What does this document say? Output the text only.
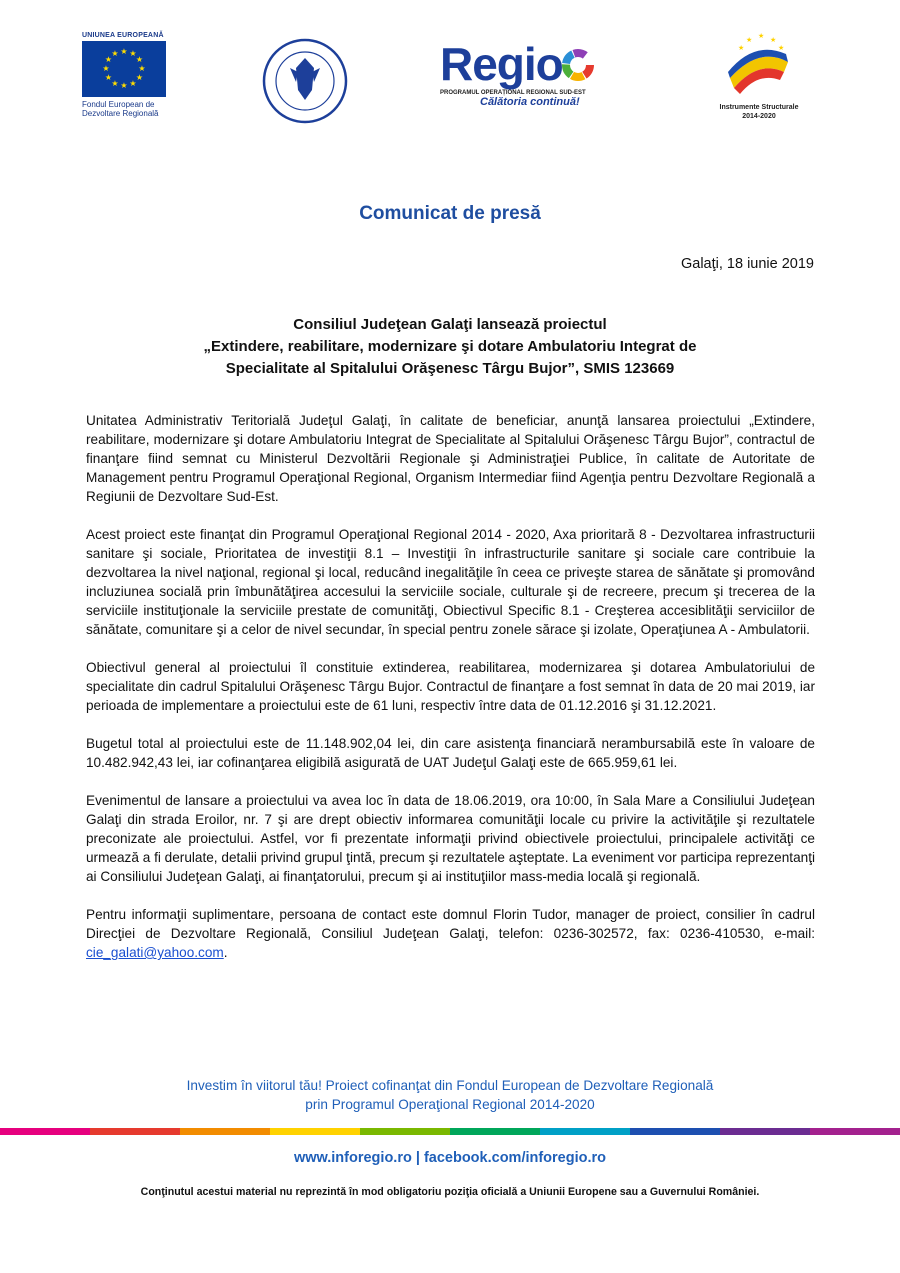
UNIUNEA EUROPEANĂ
★ ★
★
★
★
★
★
★
★
★
★
★
Fondul European de
Dezvoltare Regională
Regio
PROGRAMUL OPERAȚIONAL REGIONAL SUD-EST
Călătoria continuă!
★ ★ ★
★	★
Instrumente Structurale
2014-2020
Comunicat de presă
Galaţi, 18 iunie 2019
Consiliul Judeţean Galaţi lansează proiectul
„Extindere, reabilitare, modernizare şi dotare Ambulatoriu Integrat de
Specialitate al Spitalului Orăşenesc Târgu Bujor”, SMIS 123669

Unitatea Administrativ Teritorială Judeţul Galaţi, în calitate de beneficiar, anunţă lansarea proiectului „Extindere, reabilitare, modernizare şi dotare Ambulatoriu Integrat de Specialitate al Spitalului Orăşenesc Târgu Bujor”, contractul de finanţare fiind semnat cu Ministerul Dezvoltării Regionale şi Administraţiei Publice, în calitate de Autoritate de Management pentru Programul Operaţional Regional, Organism Intermediar fiind Agenţia pentru Dezvoltare Regională a Regiunii de Dezvoltare Sud-Est.

Acest proiect este finanţat din Programul Operaţional Regional 2014 - 2020, Axa prioritară 8 - Dezvoltarea infrastructurii sanitare şi sociale, Prioritatea de investiţii 8.1 – Investiţii în infrastructurile sanitare şi sociale care contribuie la dezvoltarea la nivel naţional, regional şi local, reducând inegalităţile în ceea ce priveşte starea de sănătate şi promovând incluziunea socială prin îmbunătăţirea accesului la serviciile sociale, culturale şi de recreere, precum şi trecerea de la serviciile instituţionale la serviciile prestate de comunităţi, Obiectivul Specific 8.1 - Creşterea accesiblităţii serviciilor de sănătate, comunitare şi a celor de nivel secundar, în special pentru zonele sărace şi izolate, Operaţiunea A - Ambulatorii.

Obiectivul general al proiectului îl constituie extinderea, reabilitarea, modernizarea şi dotarea Ambulatoriului de specialitate din cadrul Spitalului Orăşenesc Târgu Bujor. Contractul de finanţare a fost semnat în data de 20 mai 2019, iar perioada de implementare a proiectului este de 61 luni, respectiv între data de 01.12.2016 şi 31.12.2021.

Bugetul total al proiectului este de 11.148.902,04 lei, din care asistenţa financiară nerambursabilă este în valoare de 10.482.942,43 lei, iar cofinanţarea eligibilă asigurată de UAT Judeţul Galaţi este de 665.959,61 lei.

Evenimentul de lansare a proiectului va avea loc în data de 18.06.2019, ora 10:00, în Sala Mare a Consiliului Judeţean Galaţi din strada Eroilor, nr. 7 şi are drept obiectiv informarea comunităţii locale cu privire la activităţile şi rezultatele preconizate ale proiectului. Astfel, vor fi prezentate informaţii privind obiectivele proiectului, principalele activităţi ce urmează a fi derulate, detalii privind grupul ţintă, precum şi rezultatele aşteptate. La eveniment vor participa reprezentanţi ai Consiliului Judeţean Galaţi, ai finanţatorului, precum şi ai instituţiilor mass-media locală şi regională.

Pentru informaţii suplimentare, persoana de contact este domnul Florin Tudor, manager de proiect, consilier în cadrul Direcţiei de Dezvoltare Regională, Consiliul Judeţean Galaţi, telefon: 0236-302572, fax: 0236-410530, e-mail: cie_galati@yahoo.com.

Investim în viitorul tău! Proiect cofinanţat din Fondul European de Dezvoltare Regională
prin Programul Operaţional Regional 2014-2020
www.inforegio.ro | facebook.com/inforegio.ro
Conţinutul acestui material nu reprezintă în mod obligatoriu poziţia oficială a Uniunii Europene sau a Guvernului României.
